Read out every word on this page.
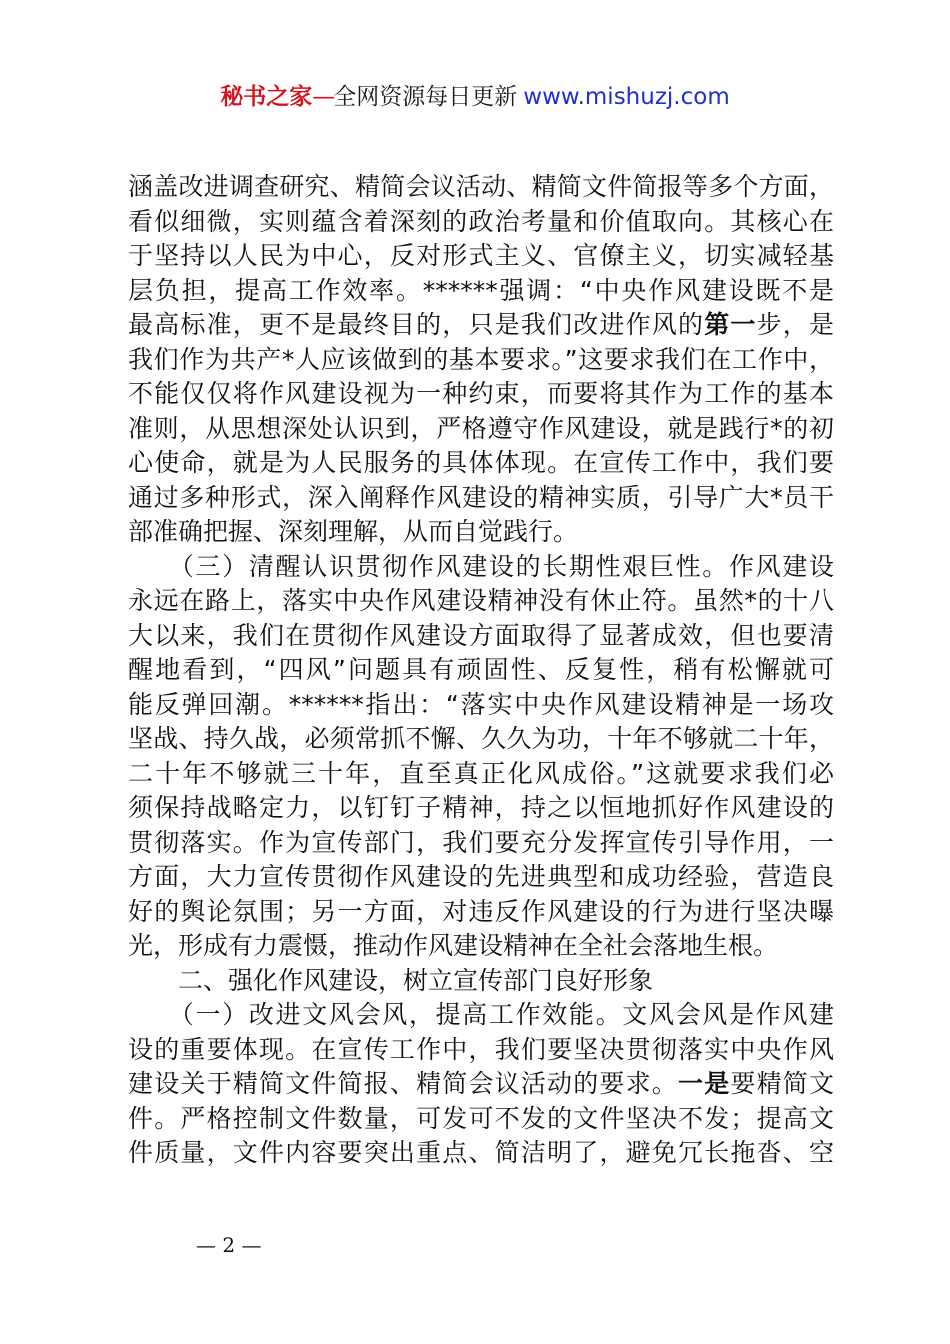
秘书之家—全网资源每日更新 www.mishuzj.com
涵盖改进调查研究、精简会议活动、精简文件简报等多个方面，
看似细微，实则蕴含着深刻的政治考量和价值取向。其核心在
于坚持以人民为中心，反对形式主义、官僚主义，切实减轻基
层负担，提高工作效率。******强调：“中央作风建设既不是
最高标准，更不是最终目的，只是我们改进作风的第一步，是
我们作为共产*人应该做到的基本要求。”这要求我们在工作中，
不能仅仅将作风建设视为一种约束，而要将其作为工作的基本
准则，从思想深处认识到，严格遵守作风建设，就是践行*的初
心使命，就是为人民服务的具体体现。在宣传工作中，我们要
通过多种形式，深入阐释作风建设的精神实质，引导广大*员干
部准确把握、深刻理解，从而自觉践行。
　　（三）清醒认识贯彻作风建设的长期性艰巨性。作风建设
永远在路上，落实中央作风建设精神没有休止符。虽然*的十八
大以来，我们在贯彻作风建设方面取得了显著成效，但也要清
醒地看到，“四风”问题具有顽固性、反复性，稍有松懈就可
能反弹回潮。******指出：“落实中央作风建设精神是一场攻
坚战、持久战，必须常抓不懈、久久为功，十年不够就二十年，
二十年不够就三十年，直至真正化风成俗。”这就要求我们必
须保持战略定力，以钉钉子精神，持之以恒地抓好作风建设的
贯彻落实。作为宣传部门，我们要充分发挥宣传引导作用，一
方面，大力宣传贯彻作风建设的先进典型和成功经验，营造良
好的舆论氛围；另一方面，对违反作风建设的行为进行坚决曝
光，形成有力震慑，推动作风建设精神在全社会落地生根。
　　二、强化作风建设，树立宣传部门良好形象
　　（一）改进文风会风，提高工作效能。文风会风是作风建
设的重要体现。在宣传工作中，我们要坚决贯彻落实中央作风
建设关于精简文件简报、精简会议活动的要求。一是要精简文
件。严格控制文件数量，可发可不发的文件坚决不发；提高文
件质量，文件内容要突出重点、简洁明了，避免冗长拖沓、空
— 2 —
